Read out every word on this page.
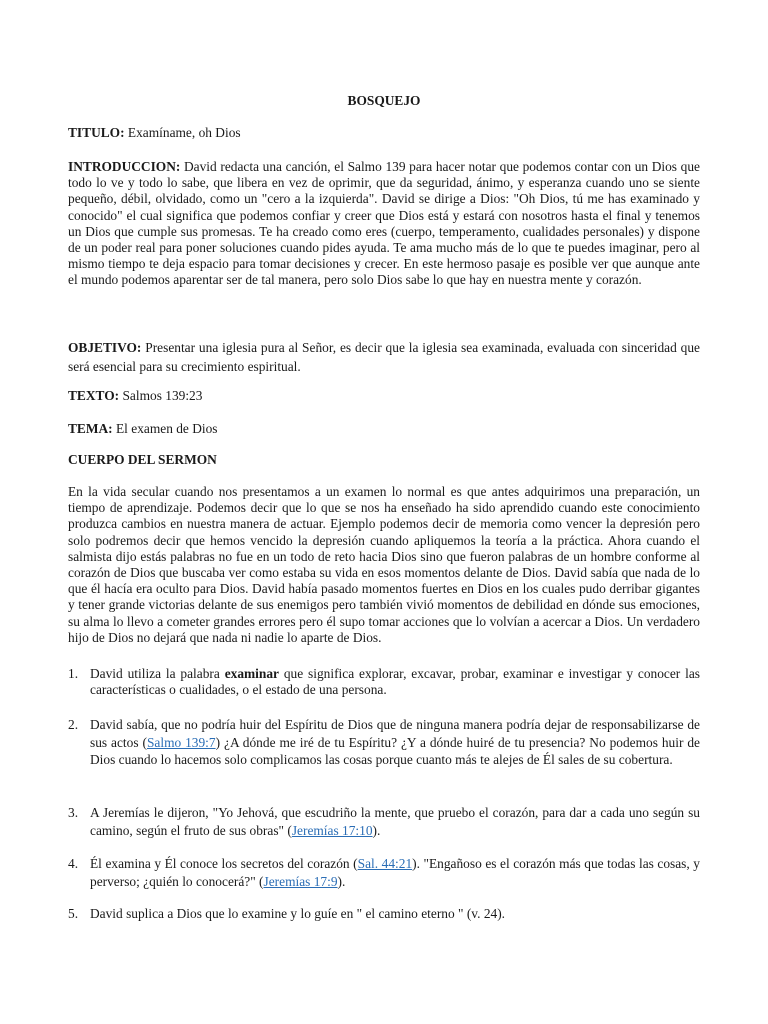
BOSQUEJO
TITULO: Examíname, oh Dios
INTRODUCCION: David redacta una canción, el Salmo 139 para hacer notar que podemos contar con un Dios que todo lo ve y todo lo sabe, que libera en vez de oprimir, que da seguridad, ánimo, y esperanza cuando uno se siente pequeño, débil, olvidado, como un "cero a la izquierda". David se dirige a Dios: "Oh Dios, tú me has examinado y conocido" el cual significa que podemos confiar y creer que Dios está y estará con nosotros hasta el final y tenemos un Dios que cumple sus promesas. Te ha creado como eres (cuerpo, temperamento, cualidades personales) y dispone de un poder real para poner soluciones cuando pides ayuda. Te ama mucho más de lo que te puedes imaginar, pero al mismo tiempo te deja espacio para tomar decisiones y crecer. En este hermoso pasaje es posible ver que aunque ante el mundo podemos aparentar ser de tal manera, pero solo Dios sabe lo que hay en nuestra mente y corazón.
OBJETIVO: Presentar una iglesia pura al Señor, es decir que la iglesia sea examinada, evaluada con sinceridad que será esencial para su crecimiento espiritual.
TEXTO: Salmos 139:23
TEMA: El examen de Dios
CUERPO DEL SERMON
En la vida secular cuando nos presentamos a un examen lo normal es que antes adquirimos una preparación, un tiempo de aprendizaje. Podemos decir que lo que se nos ha enseñado ha sido aprendido cuando este conocimiento produzca cambios en nuestra manera de actuar. Ejemplo podemos decir de memoria como vencer la depresión pero solo podremos decir que hemos vencido la depresión cuando apliquemos la teoría a la práctica. Ahora cuando el salmista dijo estás palabras no fue en un todo de reto hacia Dios sino que fueron palabras de un hombre conforme al corazón de Dios que buscaba ver como estaba su vida en esos momentos delante de Dios. David sabía que nada de lo que él hacía era oculto para Dios. David había pasado momentos fuertes en Dios en los cuales pudo derribar gigantes y tener grande victorias delante de sus enemigos pero también vivió momentos de debilidad en dónde sus emociones, su alma lo llevo a cometer grandes errores pero él supo tomar acciones que lo volvían a acercar a Dios. Un verdadero hijo de Dios no dejará que nada ni nadie lo aparte de Dios.
1. David utiliza la palabra examinar que significa explorar, excavar, probar, examinar e investigar y conocer las características o cualidades, o el estado de una persona.
2. David sabía, que no podría huir del Espíritu de Dios que de ninguna manera podría dejar de responsabilizarse de sus actos (Salmo 139:7) ¿A dónde me iré de tu Espíritu? ¿Y a dónde huiré de tu presencia? No podemos huir de Dios cuando lo hacemos solo complicamos las cosas porque cuanto más te alejes de Él sales de su cobertura.
3. A Jeremías le dijeron, "Yo Jehová, que escudriño la mente, que pruebo el corazón, para dar a cada uno según su camino, según el fruto de sus obras" (Jeremías 17:10).
4. Él examina y Él conoce los secretos del corazón (Sal. 44:21). "Engañoso es el corazón más que todas las cosas, y perverso; ¿quién lo conocerá?" (Jeremías 17:9).
5. David suplica a Dios que lo examine y lo guíe en " el camino eterno " (v. 24).
